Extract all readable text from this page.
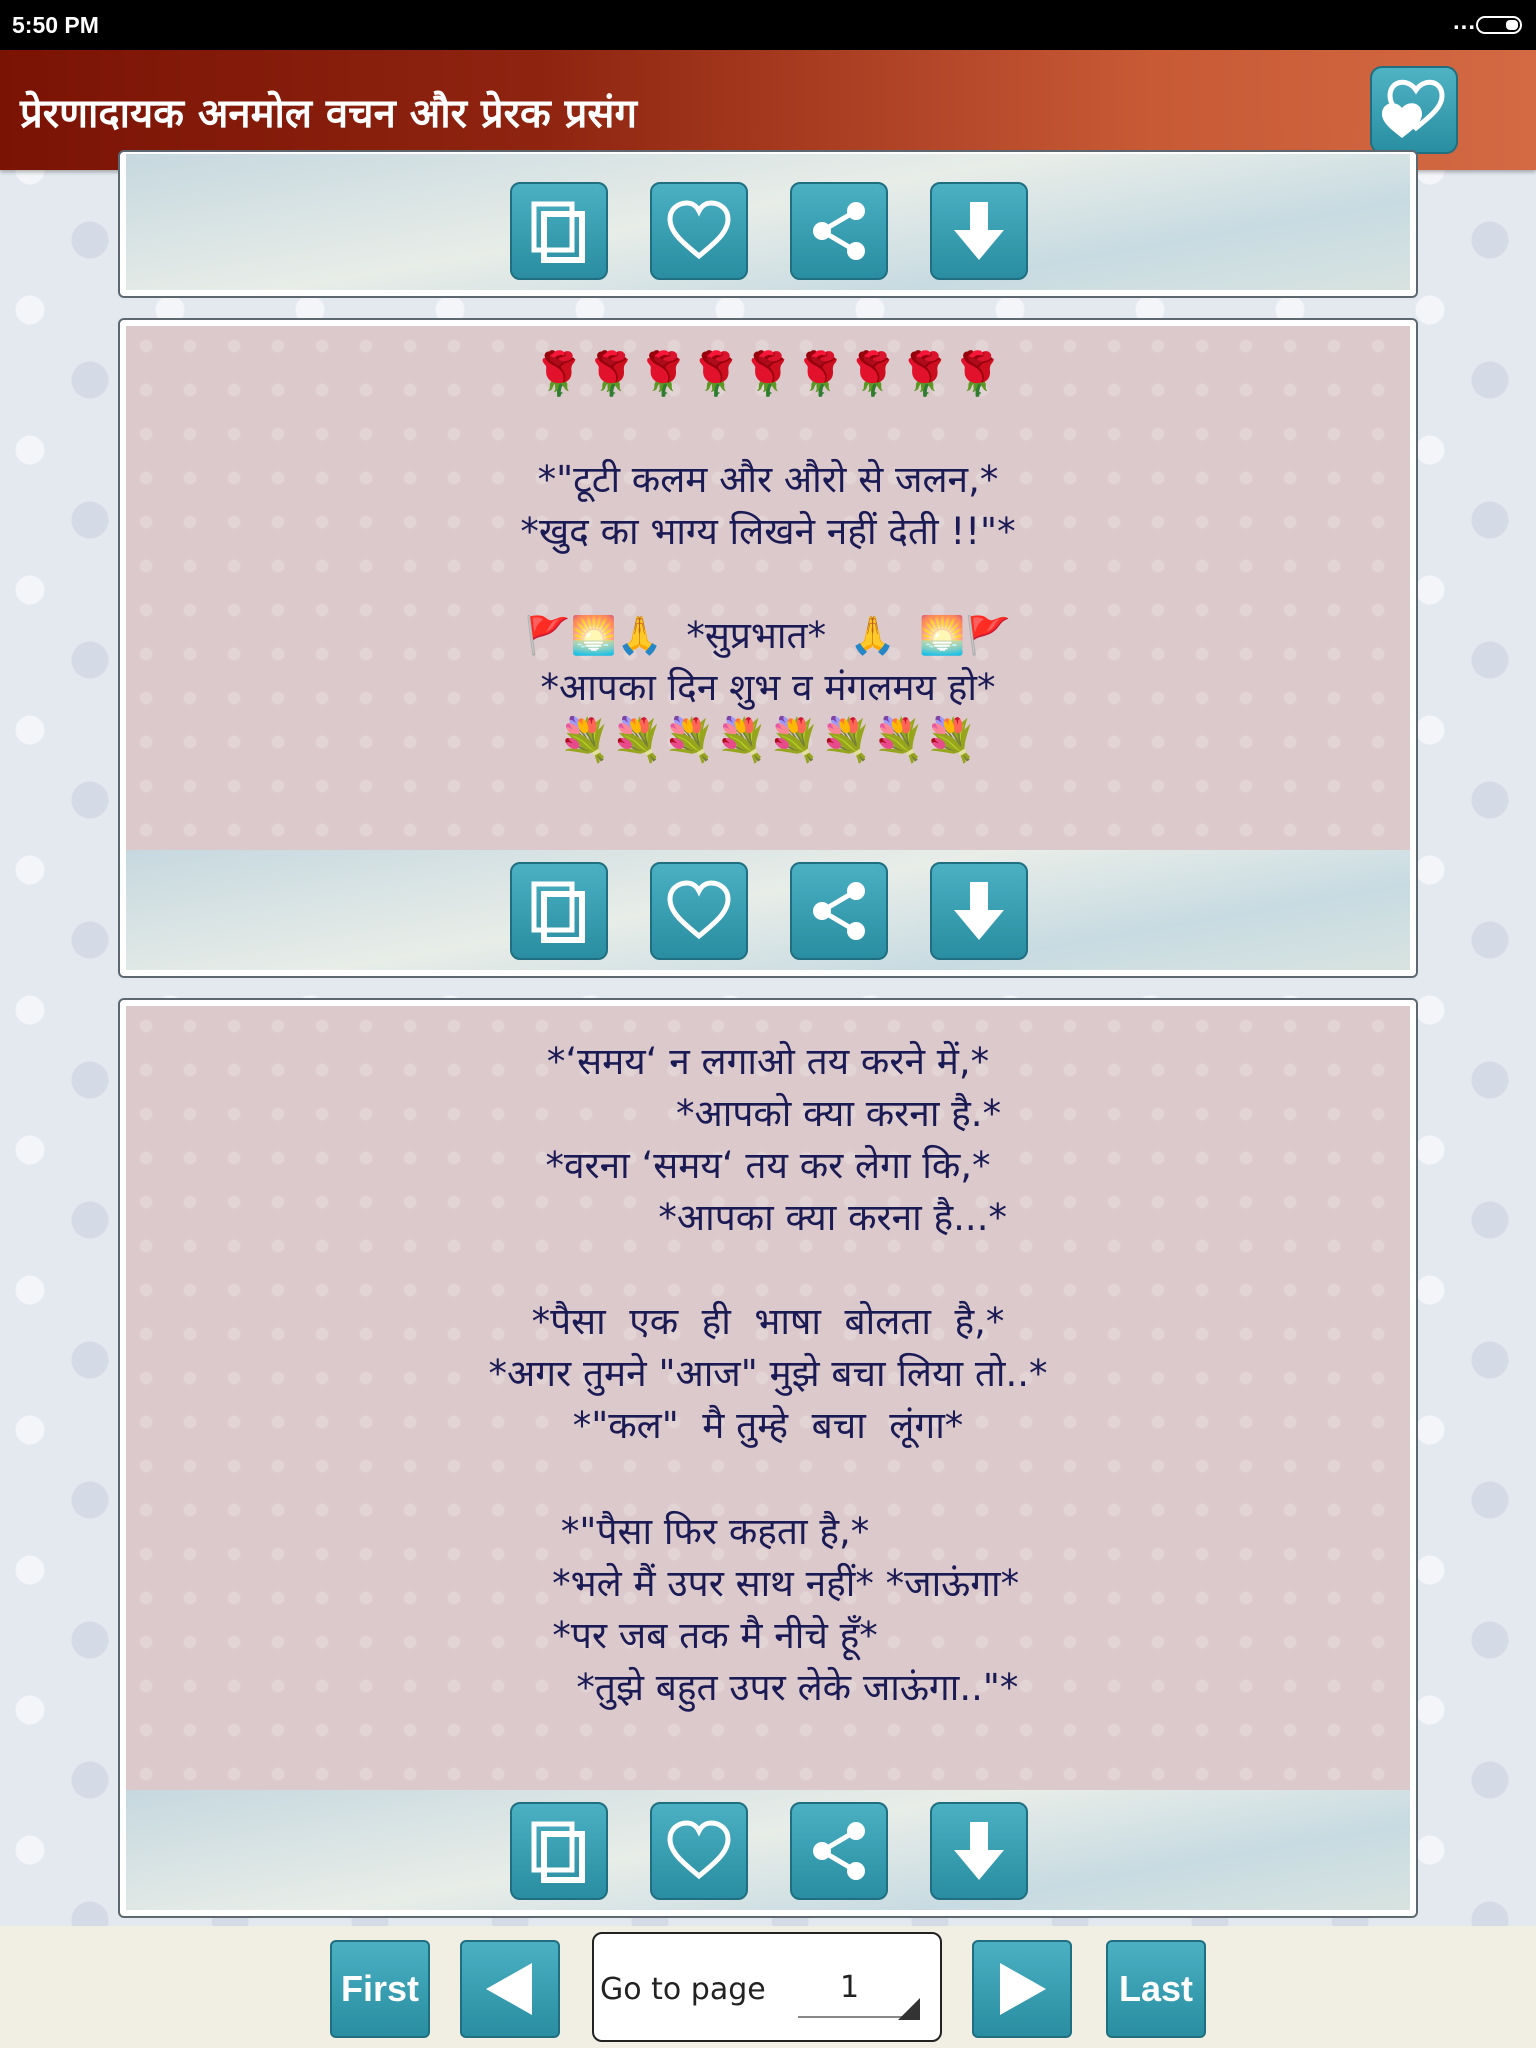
5:50 PM	...
प्रेरणादायक अनमोल वचन और प्रेरक प्रसंग
🌹🌹🌹🌹🌹🌹🌹🌹🌹
*"टूटी कलम और औरो से जलन,*
*खुद का भाग्य लिखने नहीं देती !!"*
🚩🌅🙏  *सुप्रभात*  🙏  🌅🚩
*आपका दिन शुभ व मंगलमय हो*
💐💐💐💐💐💐💐💐
*‘समय‘ न लगाओ तय करने में,*
*आपको क्या करना है.*
*वरना ‘समय‘ तय कर लेगा कि,*
*आपका क्या करना है...*
*पैसा  एक  ही  भाषा  बोलता  है,*
*अगर तुमने "आज" मुझे बचा लिया तो..*
*"कल"  मै तुम्हे  बचा  लूंगा*
*"पैसा फिर कहता है,*
*भले मैं उपर साथ नहीं* *जाऊंगा*
*पर जब तक मै नीचे हूँ*
*तुझे बहुत उपर लेके जाऊंगा.."*
First	Go to page 1	Last
